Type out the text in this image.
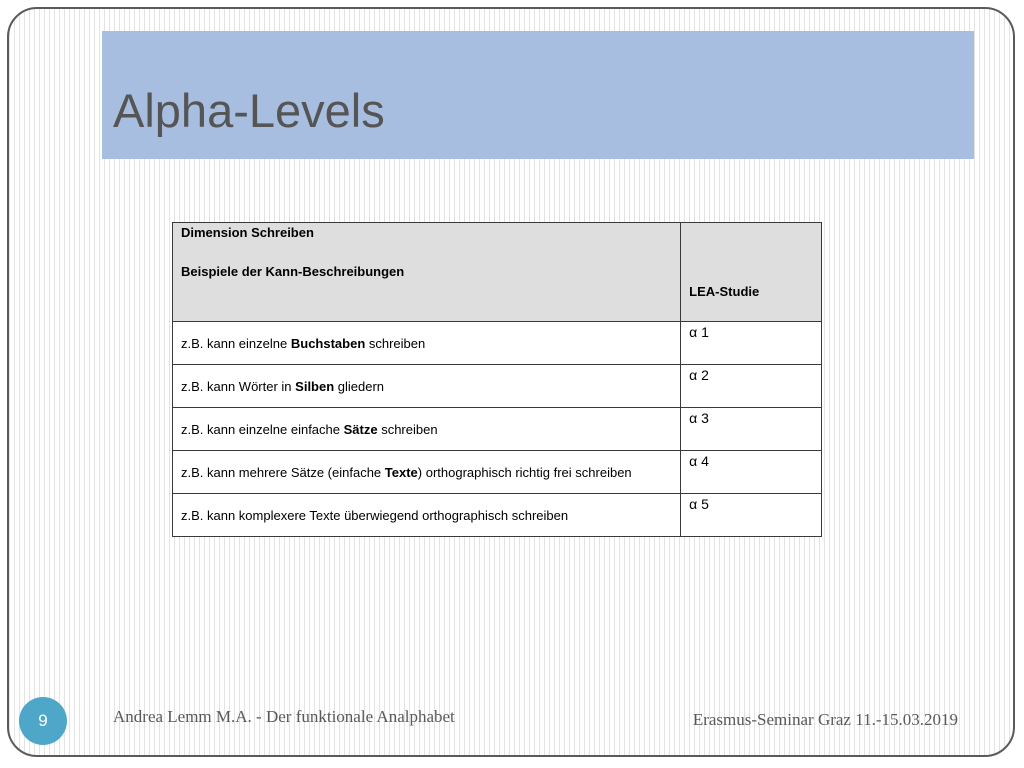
Alpha-Levels
Dimension Schreiben
Beispiele der Kann-Beschreibungen	LEA-Studie
z.B. kann einzelne Buchstaben schreiben	α 1
z.B. kann Wörter in Silben gliedern	α 2
z.B. kann einzelne einfache Sätze schreiben	α 3
z.B. kann mehrere Sätze (einfache Texte) orthographisch richtig frei schreiben	α 4
z.B. kann komplexere Texte überwiegend orthographisch schreiben	α 5
9	Andrea Lemm M.A. - Der funktionale Analphabet	Erasmus-Seminar Graz 11.-15.03.2019
